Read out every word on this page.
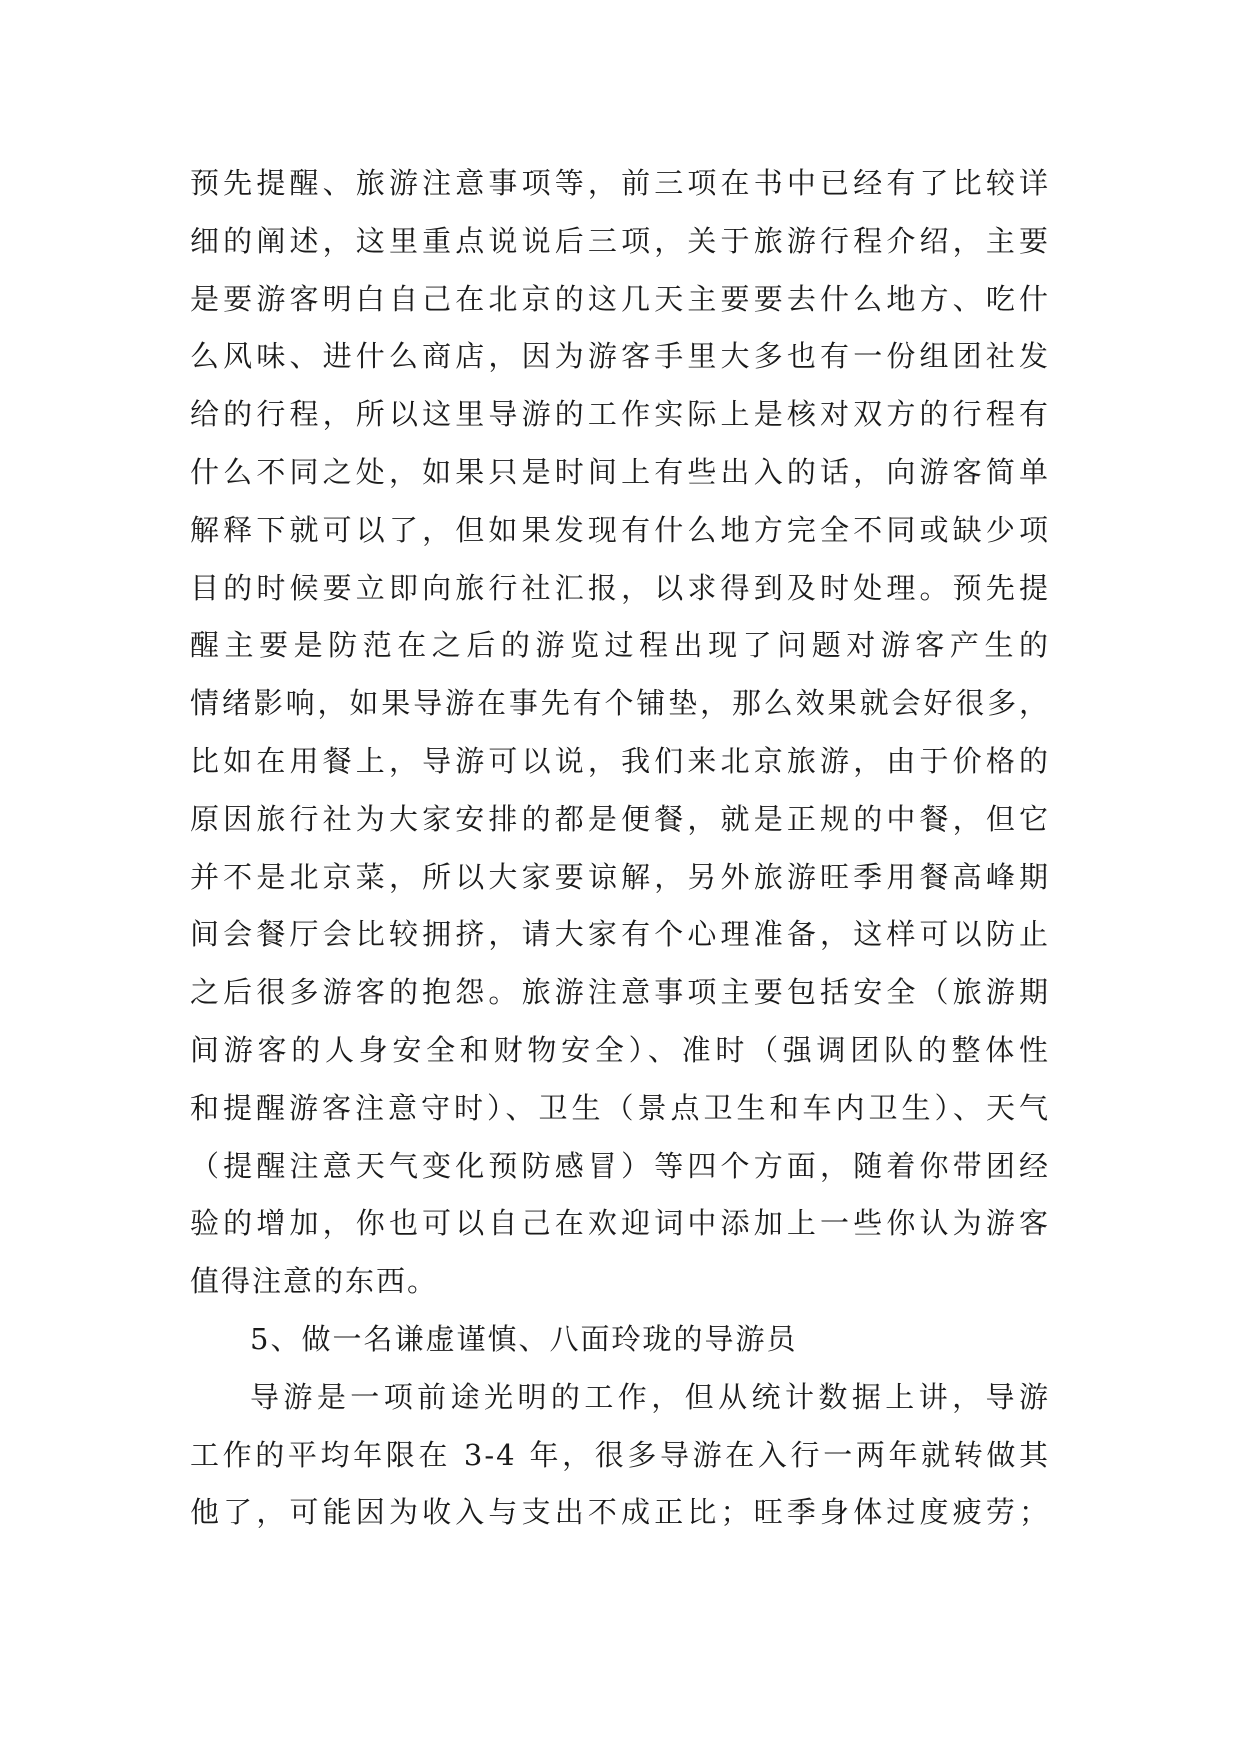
预先提醒、旅游注意事项等，前三项在书中已经有了比较详
细的阐述，这里重点说说后三项，关于旅游行程介绍，主要
是要游客明白自己在北京的这几天主要要去什么地方、吃什
么风味、进什么商店，因为游客手里大多也有一份组团社发
给的行程，所以这里导游的工作实际上是核对双方的行程有
什么不同之处，如果只是时间上有些出入的话，向游客简单
解释下就可以了，但如果发现有什么地方完全不同或缺少项
目的时候要立即向旅行社汇报，以求得到及时处理。预先提
醒主要是防范在之后的游览过程出现了问题对游客产生的
情绪影响，如果导游在事先有个铺垫，那么效果就会好很多，
比如在用餐上，导游可以说，我们来北京旅游，由于价格的
原因旅行社为大家安排的都是便餐，就是正规的中餐，但它
并不是北京菜，所以大家要谅解，另外旅游旺季用餐高峰期
间会餐厅会比较拥挤，请大家有个心理准备，这样可以防止
之后很多游客的抱怨。旅游注意事项主要包括安全（旅游期
间游客的人身安全和财物安全）、准时（强调团队的整体性
和提醒游客注意守时）、卫生（景点卫生和车内卫生）、天气
（提醒注意天气变化预防感冒）等四个方面，随着你带团经
验的增加，你也可以自己在欢迎词中添加上一些你认为游客
值得注意的东西。
5、做一名谦虚谨慎、八面玲珑的导游员
导游是一项前途光明的工作，但从统计数据上讲，导游
工作的平均年限在 3-4 年，很多导游在入行一两年就转做其
他了，可能因为收入与支出不成正比；旺季身体过度疲劳；
